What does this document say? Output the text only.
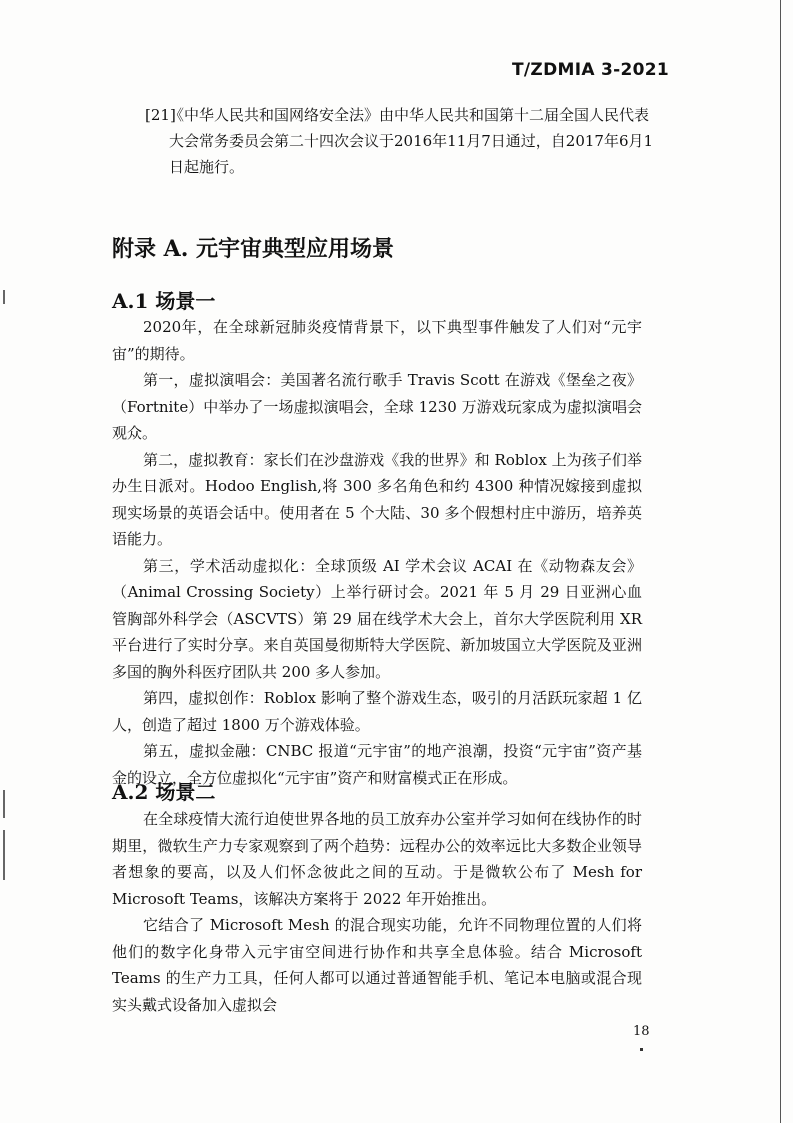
T/ZDMIA 3-2021
[21]
《中华人民共和国网络安全法》由中华人民共和国第十二届全国人民代表大会常务委员会第二十四次会议于2016年11月7日通过，自2017年6月1日起施行。
附录 A. 元宇宙典型应用场景
A.1 场景一

2020年，在全球新冠肺炎疫情背景下，以下典型事件触发了人们对“元宇宙”的期待。

第一，虚拟演唱会：美国著名流行歌手 Travis Scott 在游戏《堡垒之夜》（Fortnite）中举办了一场虚拟演唱会，全球 1230 万游戏玩家成为虚拟演唱会观众。

第二，虚拟教育：家长们在沙盘游戏《我的世界》和 Roblox 上为孩子们举办生日派对。Hodoo English,将 300 多名角色和约 4300 种情况嫁接到虚拟现实场景的英语会话中。使用者在 5 个大陆、30 多个假想村庄中游历，培养英语能力。

第三，学术活动虚拟化：全球顶级 AI 学术会议 ACAI 在《动物森友会》（Animal Crossing Society）上举行研讨会。2021 年 5 月 29 日亚洲心血管胸部外科学会（ASCVTS）第 29 届在线学术大会上，首尔大学医院利用 XR 平台进行了实时分享。来自英国曼彻斯特大学医院、新加坡国立大学医院及亚洲多国的胸外科医疗团队共 200 多人参加。

第四，虚拟创作：Roblox 影响了整个游戏生态，吸引的月活跃玩家超 1 亿人，创造了超过 1800 万个游戏体验。

第五，虚拟金融：CNBC 报道“元宇宙”的地产浪潮，投资“元宇宙”资产基金的设立，全方位虚拟化“元宇宙”资产和财富模式正在形成。

A.2 场景二

在全球疫情大流行迫使世界各地的员工放弃办公室并学习如何在线协作的时期里，微软生产力专家观察到了两个趋势：远程办公的效率远比大多数企业领导者想象的要高，以及人们怀念彼此之间的互动。于是微软公布了 Mesh for Microsoft Teams，该解决方案将于 2022 年开始推出。

它结合了 Microsoft Mesh 的混合现实功能，允许不同物理位置的人们将他们的数字化身带入元宇宙空间进行协作和共享全息体验。结合 Microsoft Teams 的生产力工具，任何人都可以通过普通智能手机、笔记本电脑或混合现实头戴式设备加入虚拟会

18
